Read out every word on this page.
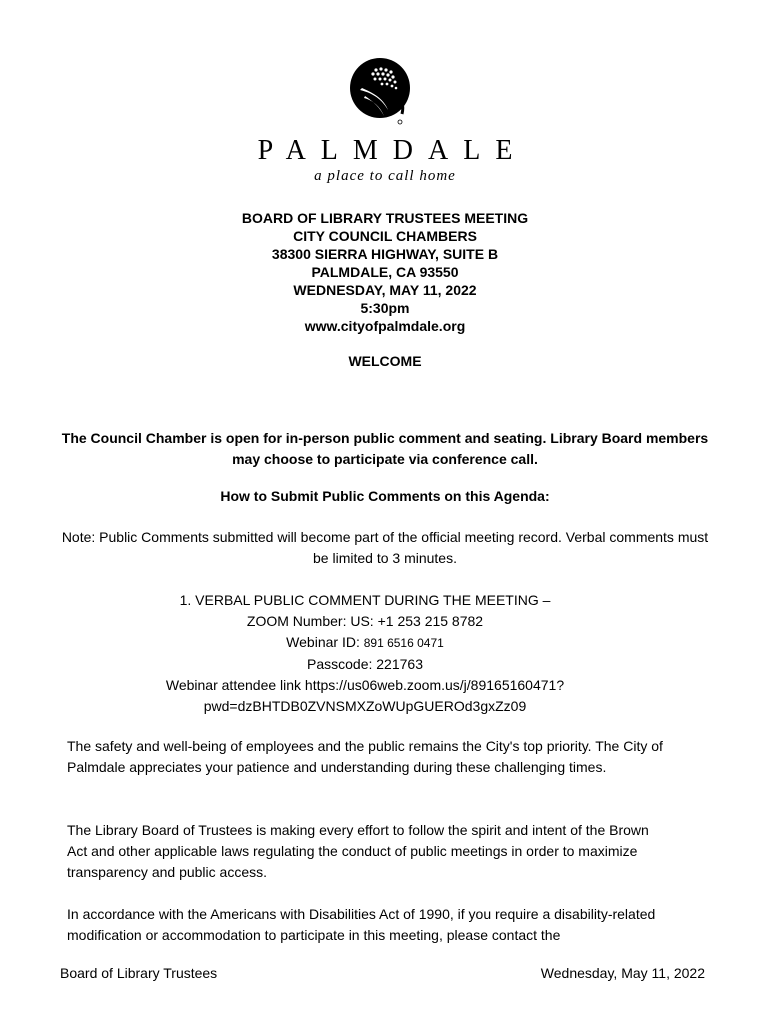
PALMDALE
a place to call home
BOARD OF LIBRARY TRUSTEES MEETING
CITY COUNCIL CHAMBERS
38300 SIERRA HIGHWAY, SUITE B
PALMDALE, CA 93550
WEDNESDAY, MAY 11, 2022
5:30pm
www.cityofpalmdale.org
WELCOME
The Council Chamber is open for in-person public comment and seating. Library Board members may choose to participate via conference call.
How to Submit Public Comments on this Agenda:
Note: Public Comments submitted will become part of the official meeting record. Verbal comments must be limited to 3 minutes.
1. VERBAL PUBLIC COMMENT DURING THE MEETING –
ZOOM Number: US: +1 253 215 8782
Webinar ID: 891 6516 0471
Passcode: 221763
Webinar attendee link https://us06web.zoom.us/j/89165160471?
pwd=dzBHTDB0ZVNSMXZoWUpGUEROd3gxZz09
The safety and well-being of employees and the public remains the City's top priority. The City of Palmdale appreciates your patience and understanding during these challenging times.
The Library Board of Trustees is making every effort to follow the spirit and intent of the Brown Act and other applicable laws regulating the conduct of public meetings in order to maximize transparency and public access.
In accordance with the Americans with Disabilities Act of 1990, if you require a disability-related modification or accommodation to participate in this meeting, please contact the
Board of Library Trustees	Wednesday, May 11, 2022
